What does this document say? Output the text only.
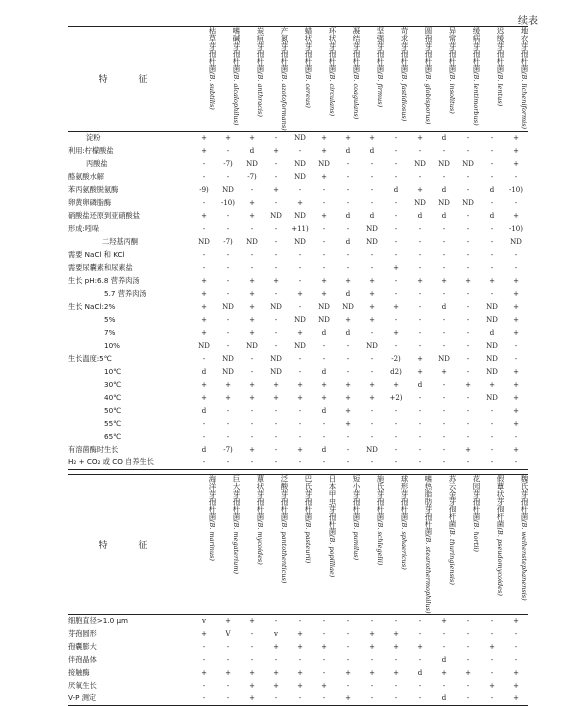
续表
特 征	枯草芽孢杆菌(B. subtilis)	嗜碱芽孢杆菌(B. alcalophilus)	炭疽芽孢杆菌(B. anthracis)	产氮芽孢杆菌(B. azotoformans)	蜡状芽孢杆菌(B. cereus)	环状芽孢杆菌(B. circulans)	凝结芽孢杆菌(B. coagulans)	坚强芽孢杆菌(B. firmus)	苛求芽孢杆菌(B. fastidiosus)	圆孢芽孢杆菌(B. globisporus)	异常芽孢杆菌(B. insolitus)	缓病芽孢杆菌(B. lentimorbus)	迟缓芽孢杆菌(B. lentus)	地衣芽孢杆菌(B. licheniformis)
淀粉	+	+	+	-	ND	+	+	+	-	+	d	-	-	+
利用:柠檬酸盐	+	-	d	+	-	+	d	d	-	-	-	-	-	+
丙酸盐	-	-7)	ND	-	ND	ND	-	-	-	ND	ND	ND	-	+
酪氨酸水解	-	-	-7)	-	ND	+	-	-	-	-	-	-	-	-
苯丙氨酸脱氨酶	-9)	ND	-	+	-	-	-	-	d	+	d	-	d	-10)
卵黄卵磷脂酶	-	-10)	+	-	+	-	-	-	-	ND	ND	ND	-	-
硝酸盐还原到亚硝酸盐	+	-	+	ND	ND	+	d	d	-	d	d	-	d	+
形成:吲哚	-	-	-	-	+11)	-	-	ND	-	-	-	-	-	-10)
二羟基丙酮	ND	-7)	ND	-	ND	-	d	ND	-	-	-	-	-	ND
需要 NaCl 和 KCl	-	-	-	-	-	-	-	-	-	-	-	-	-	-
需要尿囊素和尿素盐	-	-	-	-	-	-	-	-	+	-	-	-	-	-
生长 pH:6.8 营养肉汤	+	-	+	+	-	+	+	+	-	+	+	+	+	+
5.7 营养肉汤	+	-	+	-	+	+	d	+	-	-	-	-	-	+
生长 NaCl:2%	+	ND	+	ND	-	ND	ND	+	+	-	d	-	ND	+
5%	+	-	+	-	ND	ND	+	+	-	-	-	-	ND	+
7%	+	-	+	-	+	d	d	-	+	-	-	-	d	+
10%	ND	-	ND	-	ND	-	-	ND	-	-	-	-	ND	-
生长温度:5℃	-	ND	-	ND	-	-	-	-	-2)	+	ND	-	ND	-
10℃	d	ND	-	ND	-	d	-	-	d2)	+	+	-	ND	+
30℃	+	+	+	+	+	+	+	+	+	d	-	+	+	+
40℃	+	+	+	+	+	+	+	+	+2)	-	-	-	ND	+
50℃	d	-	-	-	-	d	+	-	-	-	-	-	-	+
55℃	-	-	-	-	-	-	+	-	-	-	-	-	-	+
65℃	-	-	-	-	-	-	-	-	-	-	-	-	-	-
有溶菌酶时生长	d	-7)	+	-	+	d	-	ND	-	-	-	+	-	+
H₂ + CO₂ 或 CO 自养生长	-	-	-	-	-	-	-	-	-	-	-	-	-	-
特 征	海洋芽孢杆菌(B. marinus)	巨大芽孢杆菌(B. megaterium)	蕈状芽孢杆菌(B. mycoides)	泛酸芽孢杆菌(B. pantothenticus)	巴氏芽孢杆菌(B. pasteurii)	日本甲虫芽孢杆菌(B. popilliae)	短小芽孢杆菌(B. pumilus)	施氏芽孢杆菌(B. schlegelii)	球形芽孢杆菌(B. sphaericus)	嗜热脂肪芽孢杆菌(B. stearothermophilus)	苏云金芽孢杆菌(B. thuringiensis)	花园芽孢杆菌(B. hortii)	假蕈状芽孢杆菌(B. pseudomycoides)	魏氏芽孢杆菌(B. weihenstephanensis)
细胞直径>1.0 μm	v	+	+	-	-	-	-	-	-	-	+	-	-	+
芽孢圆形	+	V	-	v	+	-	-	+	+	-	-	-	-	-
孢囊膨大	-	-	-	+	+	+	-	+	+	+	-	-	+	-
伴孢晶体	-	-	-	-	-	-	-	-	-	-	d	-	-	-
接触酶	+	+	+	+	+	-	+	+	+	d	+	+	-	+
厌氧生长	-	-	+	+	+	+	-	-	-	-	-	-	+	+
V-P 测定	-	-	+	-	-	-	+	-	-	-	d	-	-	+
